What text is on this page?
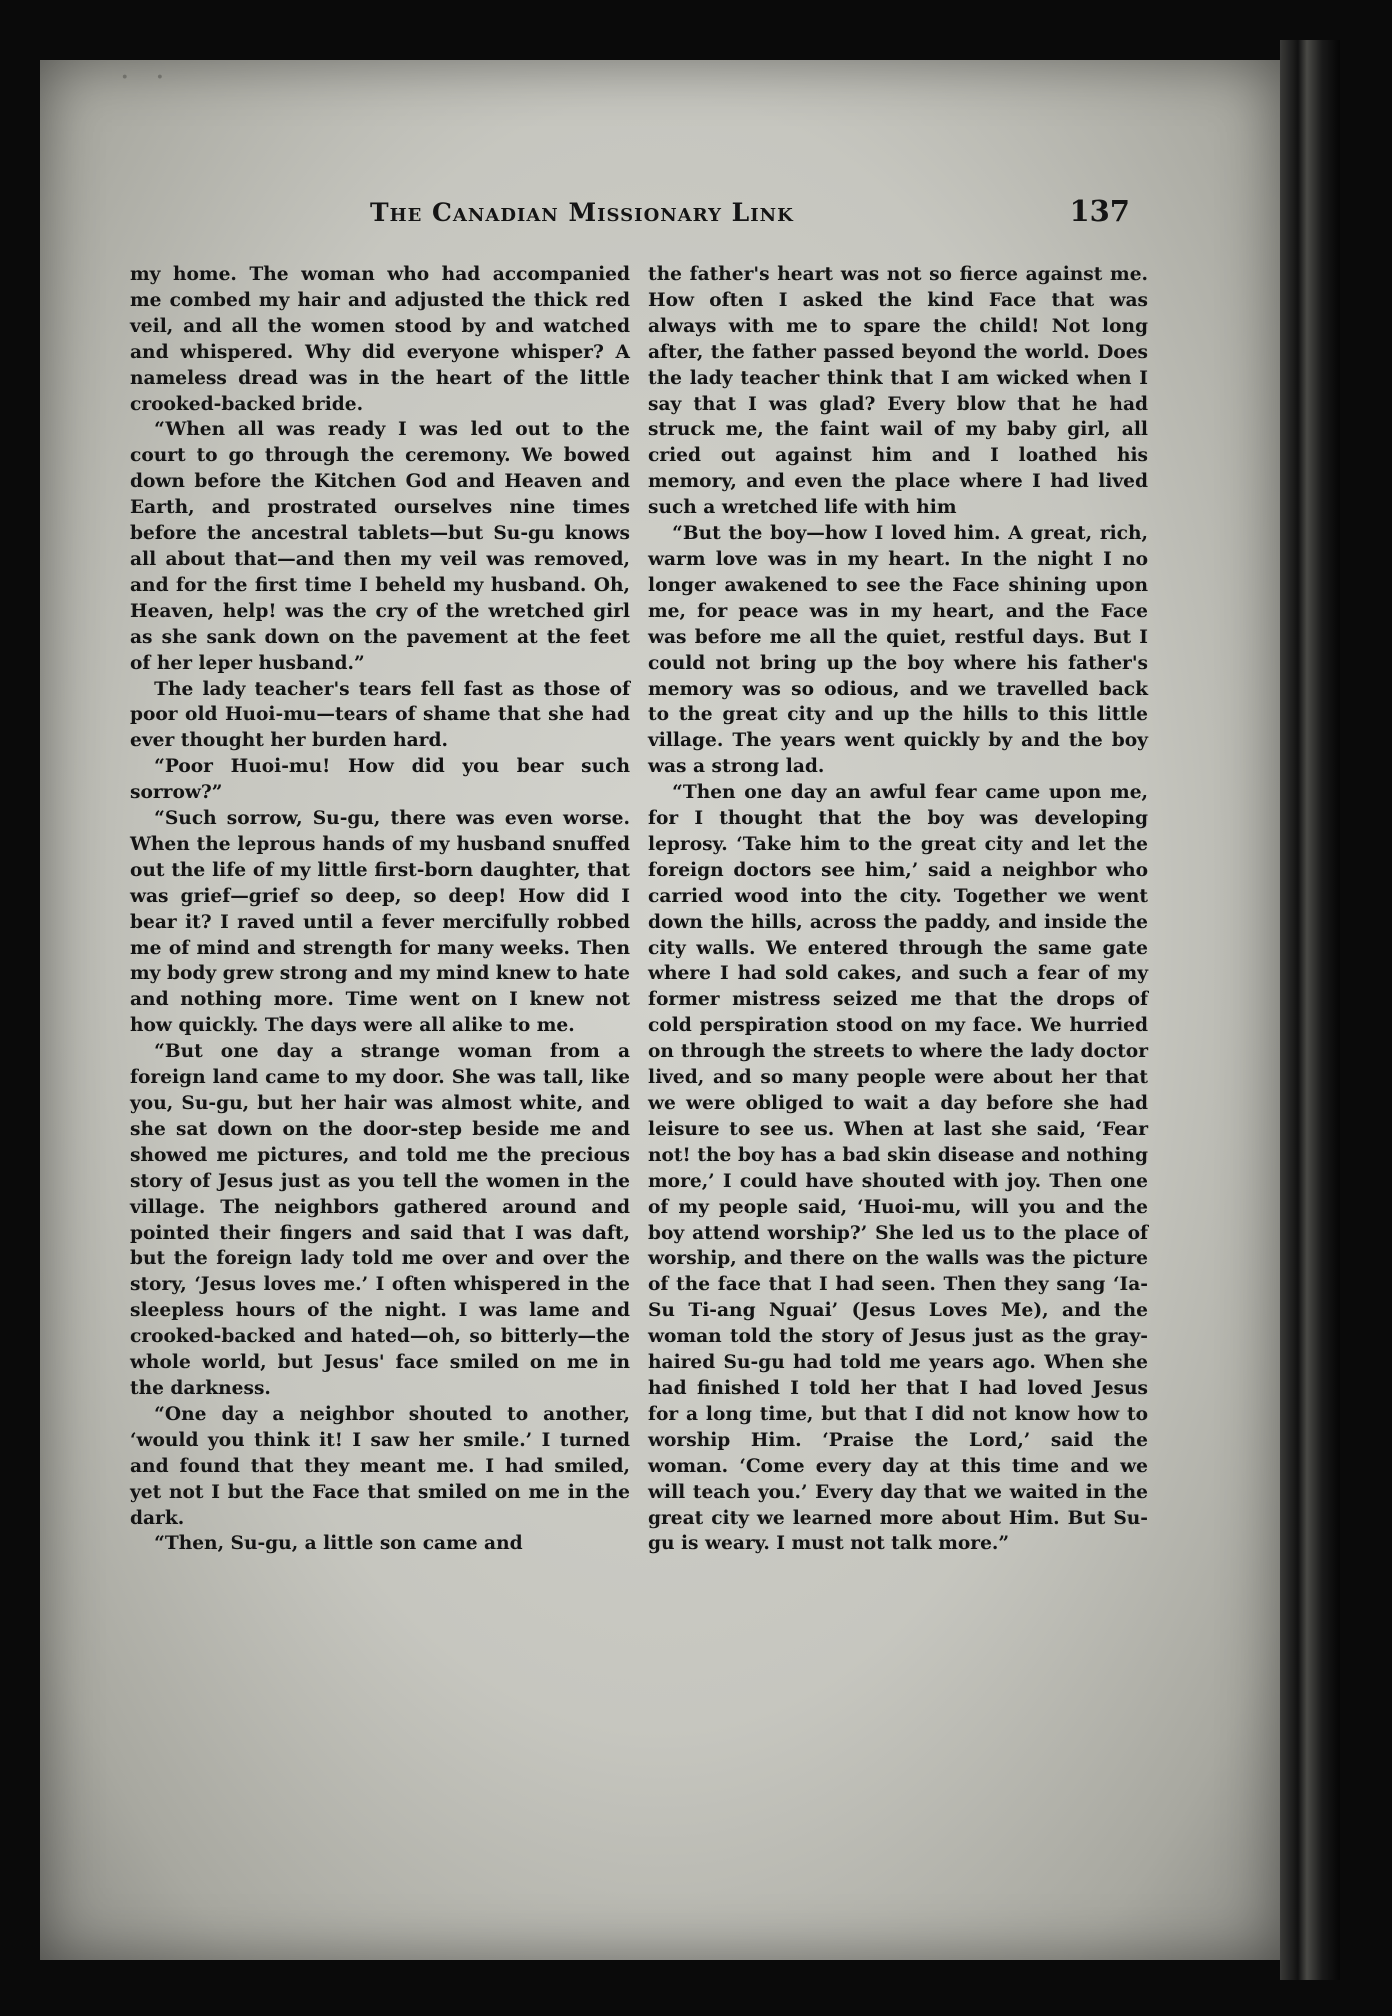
· ·
The Canadian Missionary Link	137

my home. The woman who had accompanied me combed my hair and adjusted the thick red veil, and all the women stood by and watched and whispered. Why did everyone whisper? A nameless dread was in the heart of the little crooked-backed bride.

“When all was ready I was led out to the court to go through the ceremony. We bowed down before the Kitchen God and Heaven and Earth, and prostrated ourselves nine times before the ancestral tablets—but Su-gu knows all about that—and then my veil was removed, and for the first time I beheld my husband. Oh, Heaven, help! was the cry of the wretched girl as she sank down on the pavement at the feet of her leper husband.”

The lady teacher's tears fell fast as those of poor old Huoi-mu—tears of shame that she had ever thought her burden hard.

“Poor Huoi-mu! How did you bear such sorrow?”

“Such sorrow, Su-gu, there was even worse. When the leprous hands of my husband snuffed out the life of my little first-born daughter, that was grief—grief so deep, so deep! How did I bear it? I raved until a fever mercifully robbed me of mind and strength for many weeks. Then my body grew strong and my mind knew to hate and nothing more. Time went on I knew not how quickly. The days were all alike to me.

“But one day a strange woman from a foreign land came to my door. She was tall, like you, Su-gu, but her hair was almost white, and she sat down on the door-step beside me and showed me pictures, and told me the precious story of Jesus just as you tell the women in the village. The neighbors gathered around and pointed their fingers and said that I was daft, but the foreign lady told me over and over the story, ‘Jesus loves me.’ I often whispered in the sleepless hours of the night. I was lame and crooked-backed and hated—oh, so bitterly—the whole world, but Jesus' face smiled on me in the darkness.

“One day a neighbor shouted to another, ‘would you think it! I saw her smile.’ I turned and found that they meant me. I had smiled, yet not I but the Face that smiled on me in the dark.

“Then, Su-gu, a little son came and

the father's heart was not so fierce against me. How often I asked the kind Face that was always with me to spare the child! Not long after, the father passed beyond the world. Does the lady teacher think that I am wicked when I say that I was glad? Every blow that he had struck me, the faint wail of my baby girl, all cried out against him and I loathed his memory, and even the place where I had lived such a wretched life with him

“But the boy—how I loved him. A great, rich, warm love was in my heart. In the night I no longer awakened to see the Face shining upon me, for peace was in my heart, and the Face was before me all the quiet, restful days. But I could not bring up the boy where his father's memory was so odious, and we travelled back to the great city and up the hills to this little village. The years went quickly by and the boy was a strong lad.

“Then one day an awful fear came upon me, for I thought that the boy was developing leprosy. ‘Take him to the great city and let the foreign doctors see him,’ said a neighbor who carried wood into the city. Together we went down the hills, across the paddy, and inside the city walls. We entered through the same gate where I had sold cakes, and such a fear of my former mistress seized me that the drops of cold perspiration stood on my face. We hurried on through the streets to where the lady doctor lived, and so many people were about her that we were obliged to wait a day before she had leisure to see us. When at last she said, ‘Fear not! the boy has a bad skin disease and nothing more,’ I could have shouted with joy. Then one of my people said, ‘Huoi-mu, will you and the boy attend worship?’ She led us to the place of worship, and there on the walls was the picture of the face that I had seen. Then they sang ‘Ia-Su Ti-ang Nguai’ (Jesus Loves Me), and the woman told the story of Jesus just as the gray-haired Su-gu had told me years ago. When she had finished I told her that I had loved Jesus for a long time, but that I did not know how to worship Him. ‘Praise the Lord,’ said the woman. ‘Come every day at this time and we will teach you.’ Every day that we waited in the great city we learned more about Him. But Su-gu is weary. I must not talk more.”
